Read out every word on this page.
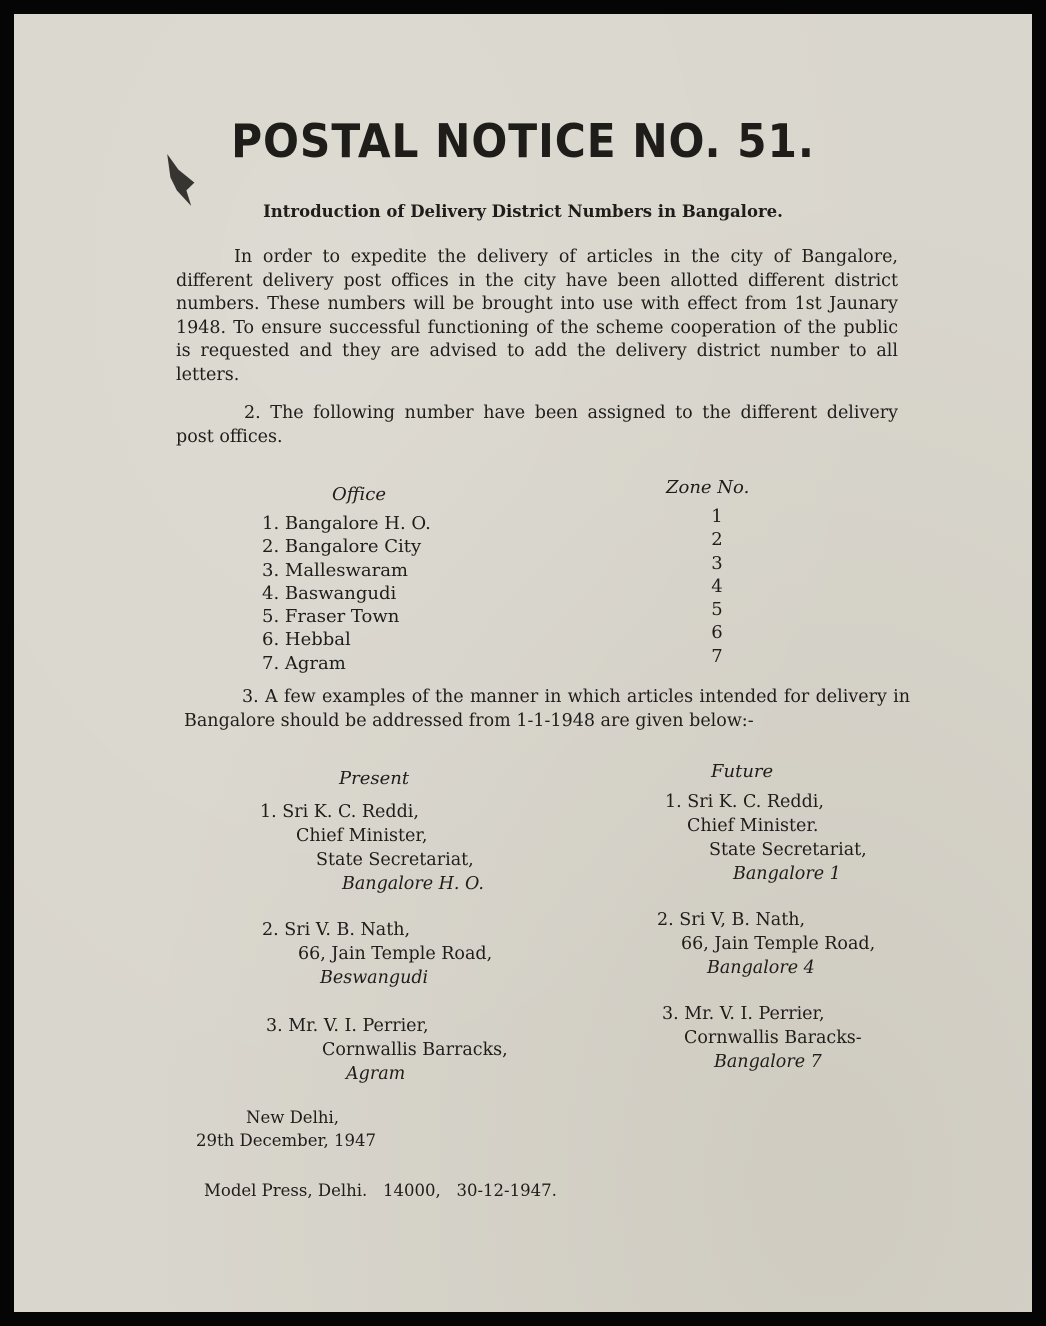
POSTAL NOTICE NO. 51.
Introduction of Delivery District Numbers in Bangalore.

In order to expedite the delivery of articles in the city of Bangalore, different delivery post offices in the city have been allotted different district numbers. These numbers will be brought into use with effect from 1st Jaunary 1948. To ensure successful functioning of the scheme cooperation of the public is requested and they are advised to add the delivery district number to all letters.

2. The following number have been assigned to the different delivery post offices.

Office	Zone No.
1. Bangalore H. O.
2. Bangalore City
3. Malleswaram
4. Baswangudi
5. Fraser Town
6. Hebbal
7. Agram
1
2
3
4
5
6
7

3. A few examples of the manner in which articles intended for delivery in Bangalore should be addressed from 1-1-1948 are given below:-

Present	Future
1. Sri K. C. Reddi,
Chief Minister,
State Secretariat,
Bangalore H. O.
2. Sri V. B. Nath,
66, Jain Temple Road,
Beswangudi
3. Mr. V. I. Perrier,
Cornwallis Barracks,
Agram
1. Sri K. C. Reddi,
Chief Minister.
State Secretariat,
Bangalore 1
2. Sri V, B. Nath,
66, Jain Temple Road,
Bangalore 4
3. Mr. V. I. Perrier,
Cornwallis Baracks-
Bangalore 7
New Delhi,
29th December, 1947
Model Press, Delhi.   14000,   30-12-1947.
